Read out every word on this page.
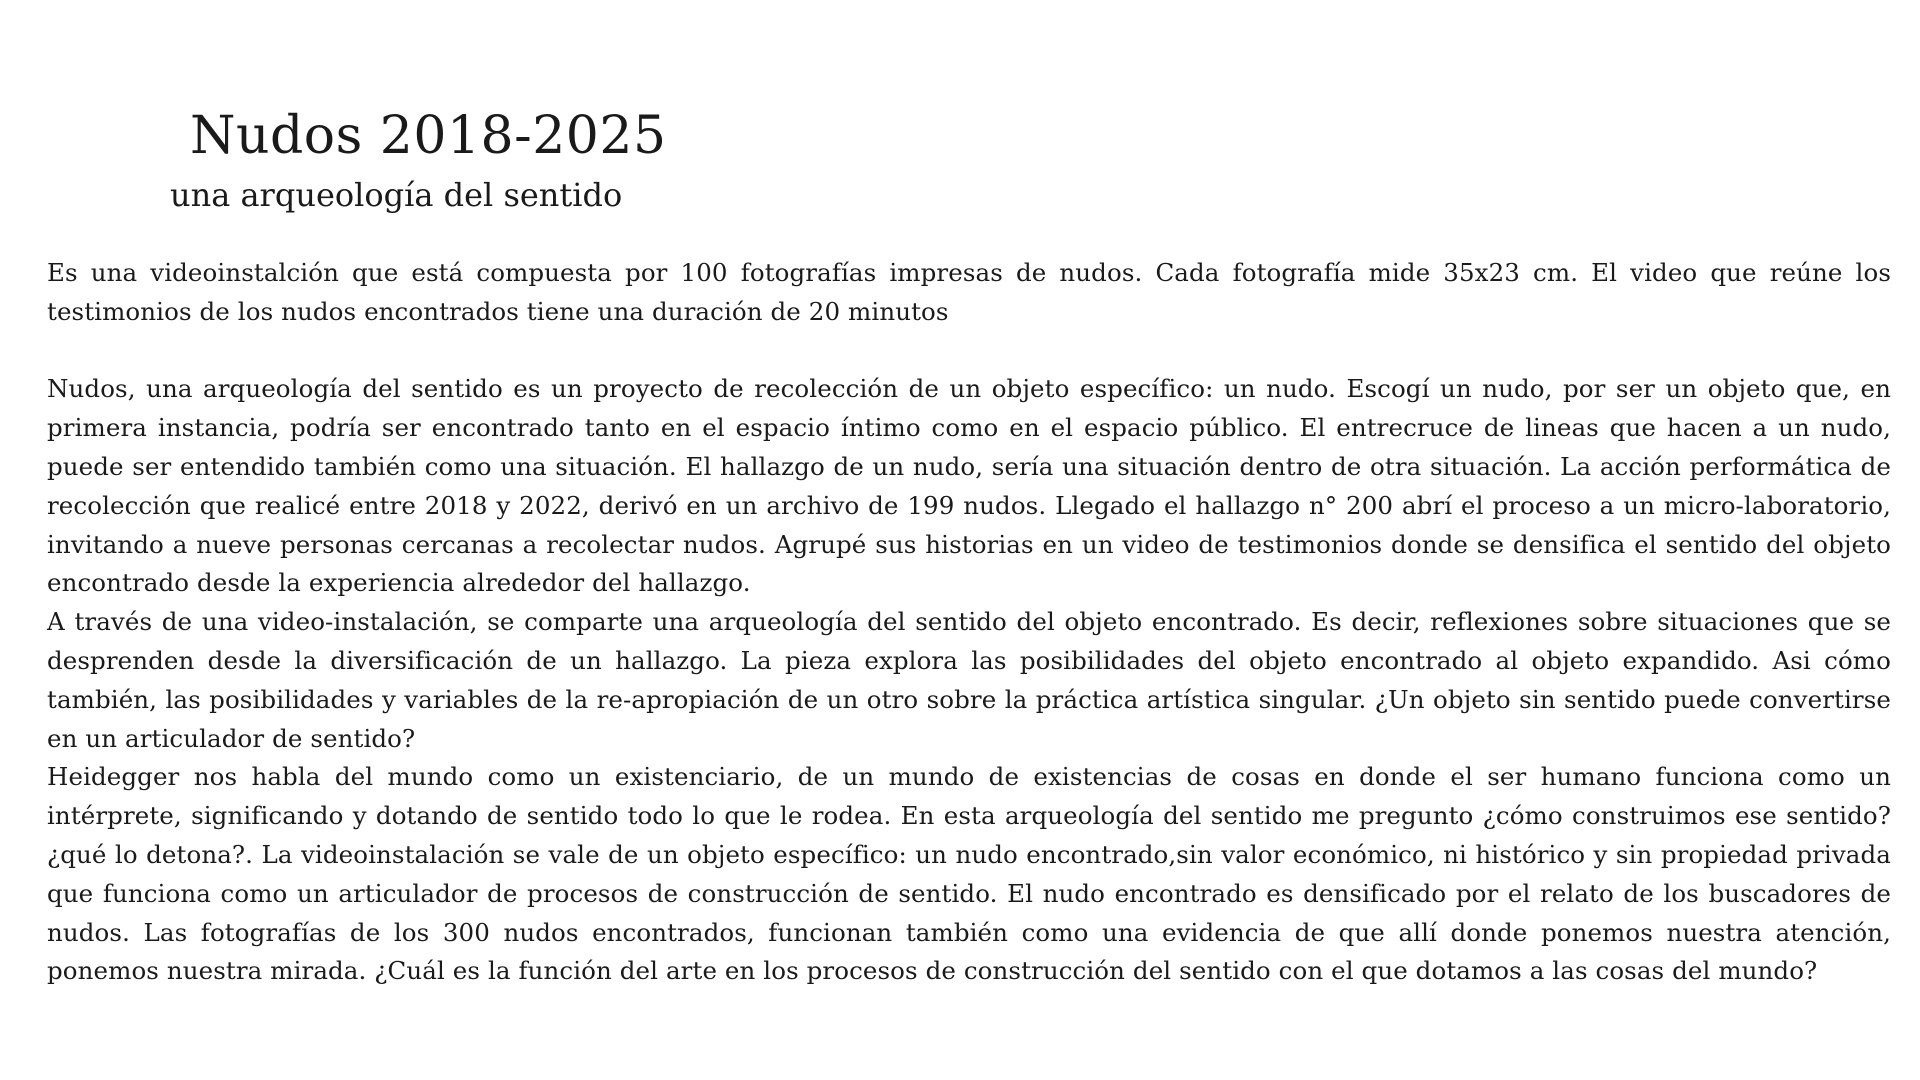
Nudos 2018-2025
una arqueología del sentido

Es una videoinstalción que está compuesta por 100 fotografías impresas de nudos. Cada fotografía mide 35x23 cm. El video que reúne los testimonios de los nudos encontrados tiene una duración de 20 minutos

Nudos, una arqueología del sentido es un proyecto de recolección de un objeto específico: un nudo. Escogí un nudo, por ser un objeto que, en primera instancia, podría ser encontrado tanto en el espacio íntimo como en el espacio público. El entrecruce de lineas que hacen a un nudo, puede ser entendido también como una situación. El hallazgo de un nudo, sería una situación dentro de otra situación. La acción performática de recolección que realicé entre 2018 y 2022, derivó en un archivo de 199 nudos. Llegado el hallazgo n° 200 abrí el proceso a un micro-laboratorio, invitando a nueve personas cercanas a recolectar nudos. Agrupé sus historias en un video de testimonios donde se densifica el sentido del objeto encontrado desde la experiencia alrededor del hallazgo.

A través de una video-instalación, se comparte una arqueología del sentido del objeto encontrado. Es decir, reflexiones sobre situaciones que se desprenden desde la diversificación de un hallazgo. La pieza explora las posibilidades del objeto encontrado al objeto expandido. Asi cómo también, las posibilidades y variables de la re-apropiación de un otro sobre la práctica artística singular. ¿Un objeto sin sentido puede convertirse en un articulador de sentido?

Heidegger nos habla del mundo como un existenciario, de un mundo de existencias de cosas en donde el ser humano funciona como un intérprete, significando y dotando de sentido todo lo que le rodea. En esta arqueología del sentido me pregunto ¿cómo construimos ese sentido? ¿qué lo detona?. La videoinstalación se vale de un objeto específico: un nudo encontrado,sin valor económico, ni histórico y sin propiedad privada que funciona como un articulador de procesos de construcción de sentido. El nudo encontrado es densificado por el relato de los buscadores de nudos. Las fotografías de los 300 nudos encontrados, funcionan también como una evidencia de que allí donde ponemos nuestra atención, ponemos nuestra mirada. ¿Cuál es la función del arte en los procesos de construcción del sentido con el que dotamos a las cosas del mundo?
